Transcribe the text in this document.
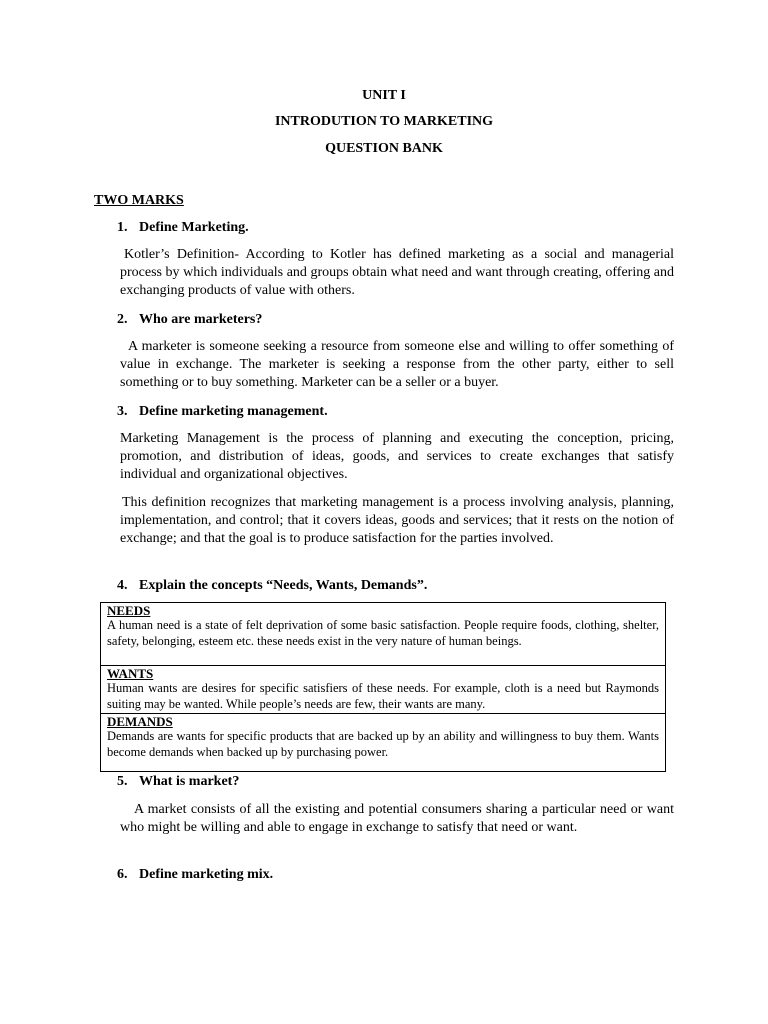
UNIT I
INTRODUTION TO MARKETING
QUESTION BANK
TWO MARKS
1. Define Marketing.
Kotler’s Definition- According to Kotler has defined marketing as a social and managerial process by which individuals and groups obtain what need and want through creating, offering and exchanging products of value with others.
2. Who are marketers?
A marketer is someone seeking a resource from someone else and willing to offer something of value in exchange. The marketer is seeking a response from the other party, either to sell something or to buy something. Marketer can be a seller or a buyer.
3. Define marketing management.
Marketing Management is the process of planning and executing the conception, pricing, promotion, and distribution of ideas, goods, and services to create exchanges that satisfy individual and organizational objectives.
This definition recognizes that marketing management is a process involving analysis, planning, implementation, and control; that it covers ideas, goods and services; that it rests on the notion of exchange; and that the goal is to produce satisfaction for the parties involved.
4. Explain the concepts “Needs, Wants, Demands”.
NEEDS
A human need is a state of felt deprivation of some basic satisfaction. People require foods, clothing, shelter, safety, belonging, esteem etc. these needs exist in the very nature of human beings.
WANTS
Human wants are desires for specific satisfiers of these needs. For example, cloth is a need but Raymonds suiting may be wanted. While people’s needs are few, their wants are many.
DEMANDS
Demands are wants for specific products that are backed up by an ability and willingness to buy them. Wants become demands when backed up by purchasing power.
5. What is market?
A market consists of all the existing and potential consumers sharing a particular need or want who might be willing and able to engage in exchange to satisfy that need or want.
6. Define marketing mix.
